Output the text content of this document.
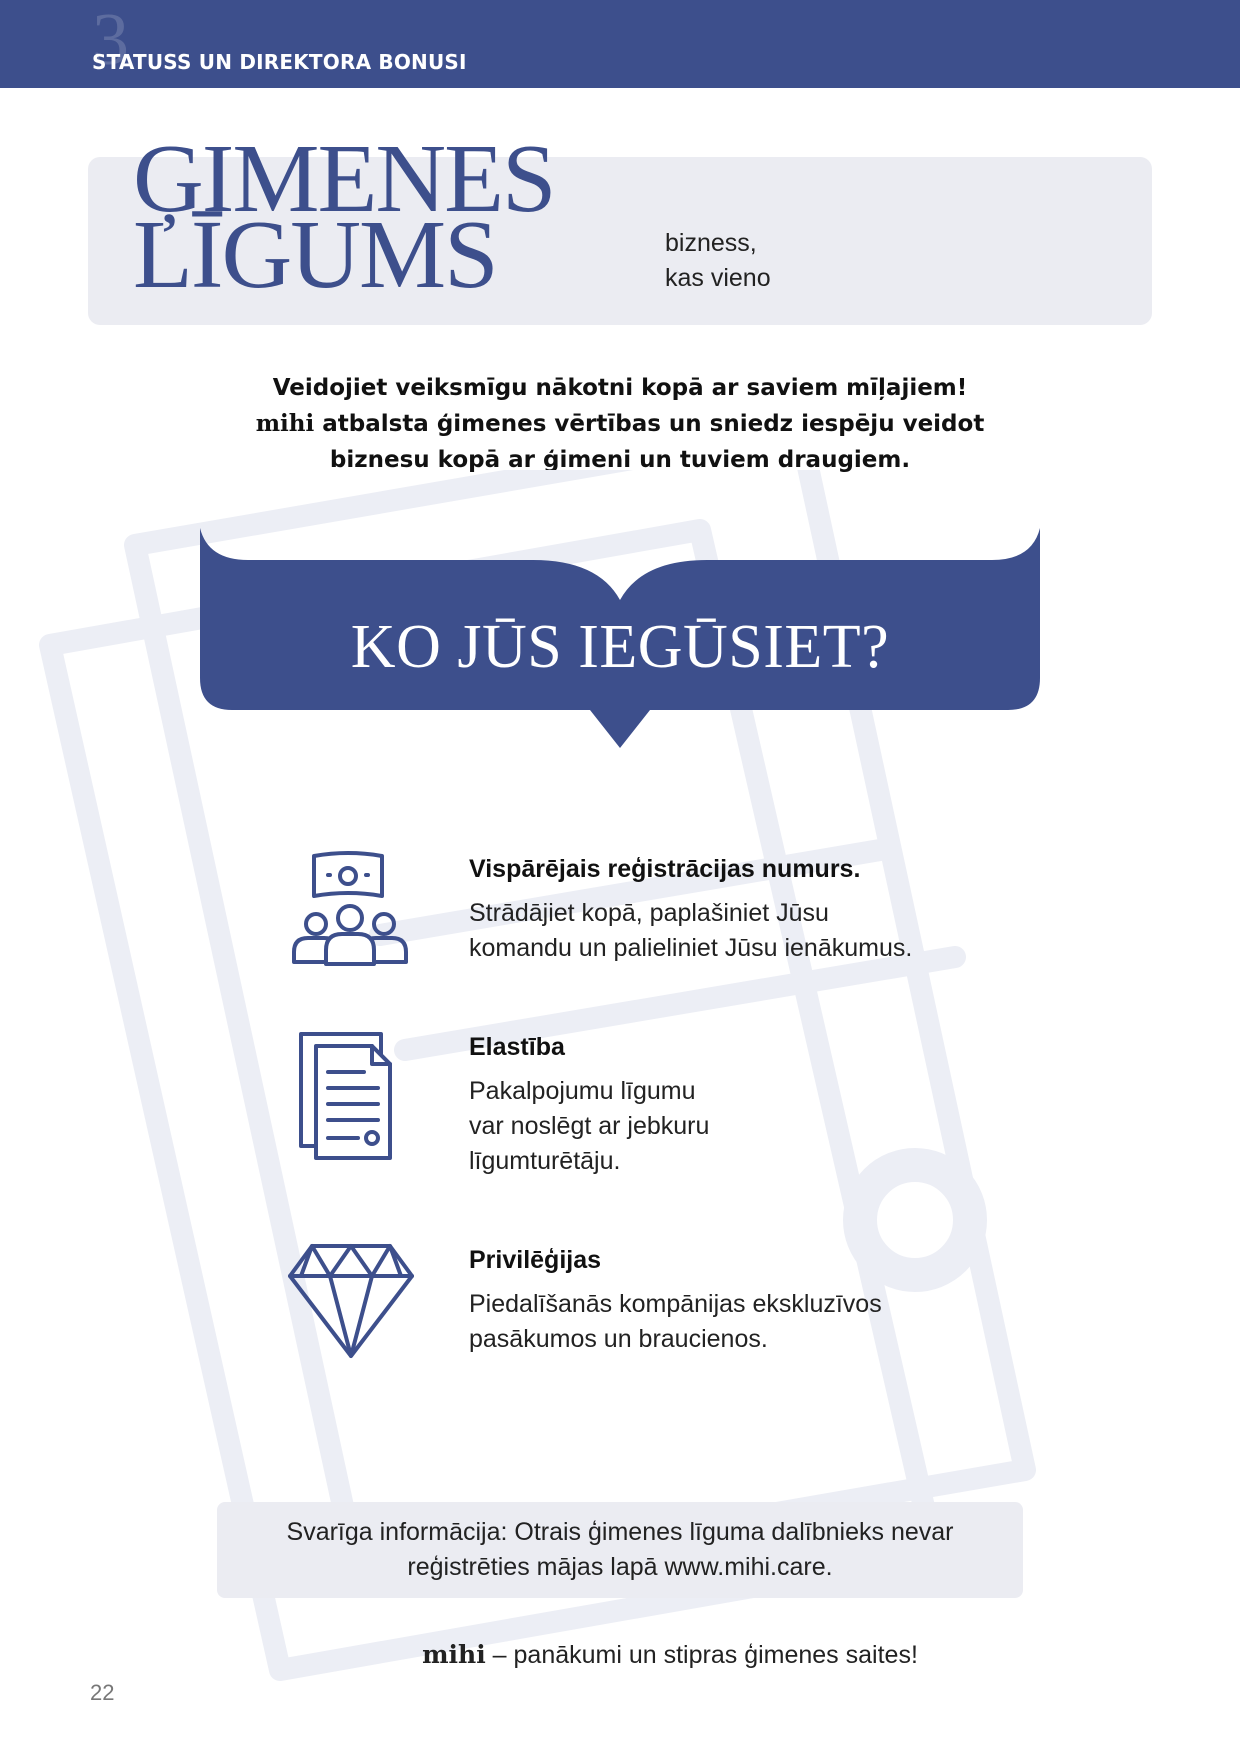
3
STATUSS UN DIREKTORA BONUSI
ĢIMENES
LĪGUMS	bizness,
kas vieno
Veidojiet veiksmīgu nākotni kopā ar saviem mīļajiem!
mihi atbalsta ģimenes vērtības un sniedz iespēju veidot
biznesu kopā ar ģimeni un tuviem draugiem.
KO JŪS IEGŪSIET?
Vispārējais reģistrācijas numurs.
Strādājiet kopā, paplašiniet Jūsu
komandu un palieliniet Jūsu ienākumus.
Elastība
Pakalpojumu līgumu
var noslēgt ar jebkuru
līgumturētāju.
Privilēģijas
Piedalīšanās kompānijas ekskluzīvos
pasākumos un braucienos.
Svarīga informācija: Otrais ģimenes līguma dalībnieks nevar
reģistrēties mājas lapā www.mihi.care.
mihi – panākumi un stipras ģimenes saites!
22
